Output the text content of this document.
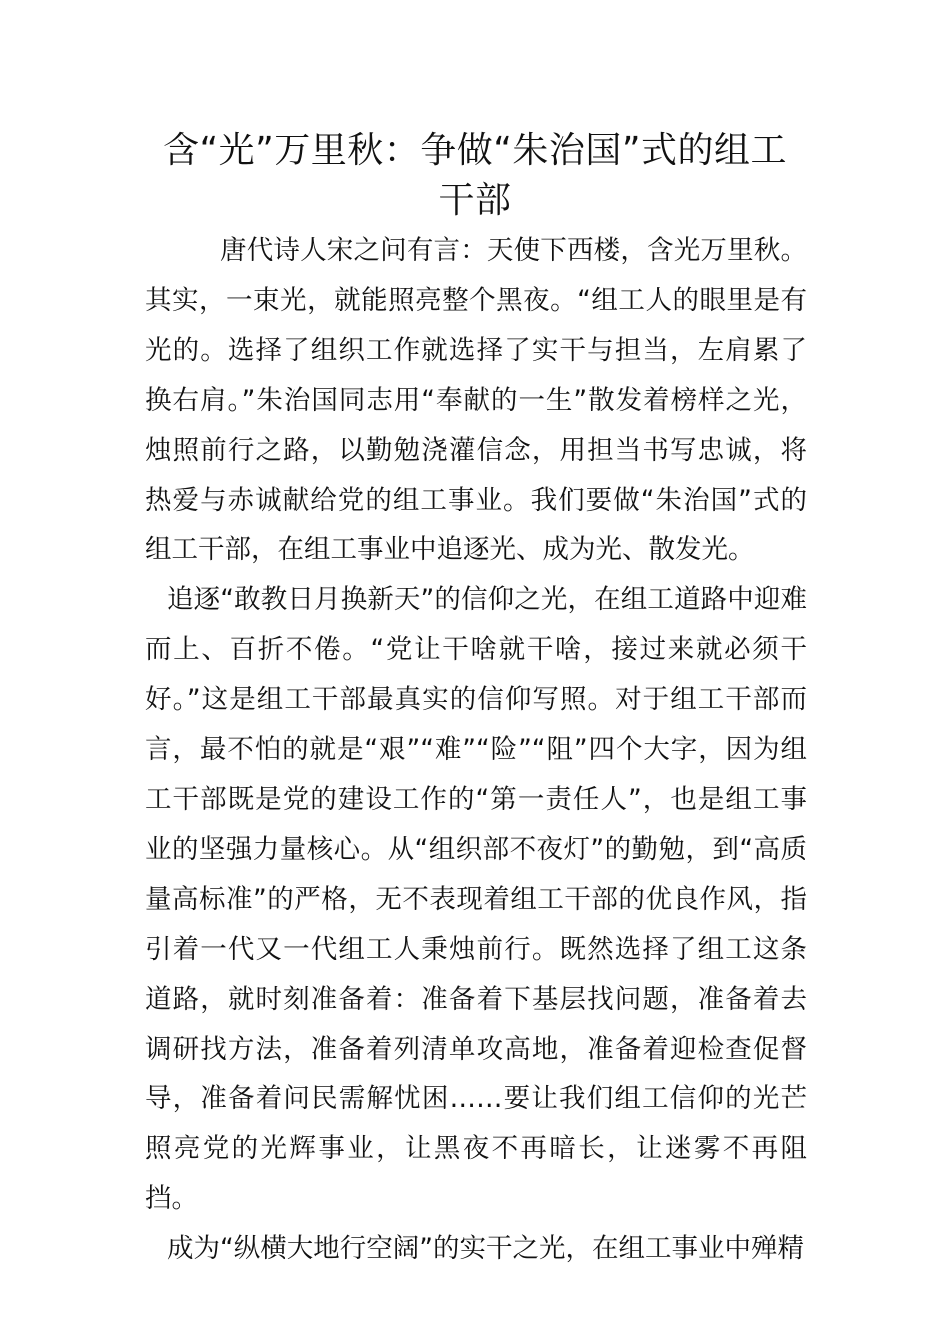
含“光”万里秋：争做“朱治国”式的组工干部

唐代诗人宋之问有言：天使下西楼，含光万里秋。其实，一束光，就能照亮整个黑夜。“组工人的眼里是有光的。选择了组织工作就选择了实干与担当，左肩累了换右肩。”朱治国同志用“奉献的一生”散发着榜样之光，烛照前行之路，以勤勉浇灌信念，用担当书写忠诚，将热爱与赤诚献给党的组工事业。我们要做“朱治国”式的组工干部，在组工事业中追逐光、成为光、散发光。

追逐“敢教日月换新天”的信仰之光，在组工道路中迎难而上、百折不倦。“党让干啥就干啥，接过来就必须干好。”这是组工干部最真实的信仰写照。对于组工干部而言，最不怕的就是“艰”“难”“险”“阻”四个大字，因为组工干部既是党的建设工作的“第一责任人”，也是组工事业的坚强力量核心。从“组织部不夜灯”的勤勉，到“高质量高标准”的严格，无不表现着组工干部的优良作风，指引着一代又一代组工人秉烛前行。既然选择了组工这条道路，就时刻准备着：准备着下基层找问题，准备着去调研找方法，准备着列清单攻高地，准备着迎检查促督导，准备着问民需解忧困……要让我们组工信仰的光芒照亮党的光辉事业，让黑夜不再暗长，让迷雾不再阻挡。

成为“纵横大地行空阔”的实干之光，在组工事业中殚精
